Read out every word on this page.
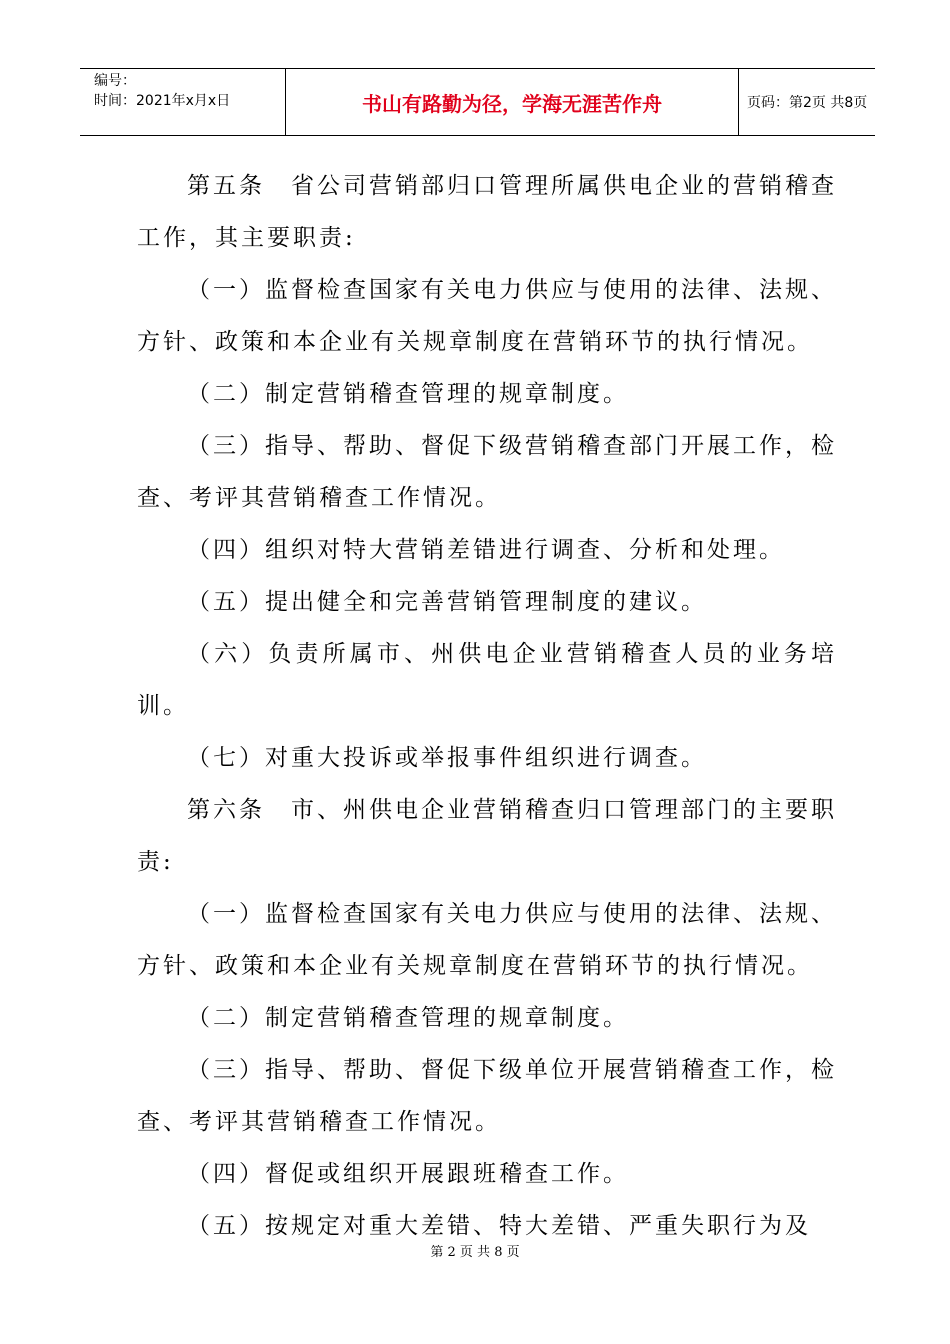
编号：
时间：2021年x月x日	书山有路勤为径，学海无涯苦作舟	页码：第2页 共8页

第五条　省公司营销部归口管理所属供电企业的营销稽查工作，其主要职责:

（一）监督检查国家有关电力供应与使用的法律、法规、方针、政策和本企业有关规章制度在营销环节的执行情况。

（二）制定营销稽查管理的规章制度。

（三）指导、帮助、督促下级营销稽查部门开展工作，检查、考评其营销稽查工作情况。

（四）组织对特大营销差错进行调查、分析和处理。

（五）提出健全和完善营销管理制度的建议。

（六）负责所属市、州供电企业营销稽查人员的业务培训。

（七）对重大投诉或举报事件组织进行调查。

第六条　市、州供电企业营销稽查归口管理部门的主要职责:

（一）监督检查国家有关电力供应与使用的法律、法规、方针、政策和本企业有关规章制度在营销环节的执行情况。

（二）制定营销稽查管理的规章制度。

（三）指导、帮助、督促下级单位开展营销稽查工作，检查、考评其营销稽查工作情况。

（四）督促或组织开展跟班稽查工作。

（五）按规定对重大差错、特大差错、严重失职行为及

第 2 页 共 8 页
